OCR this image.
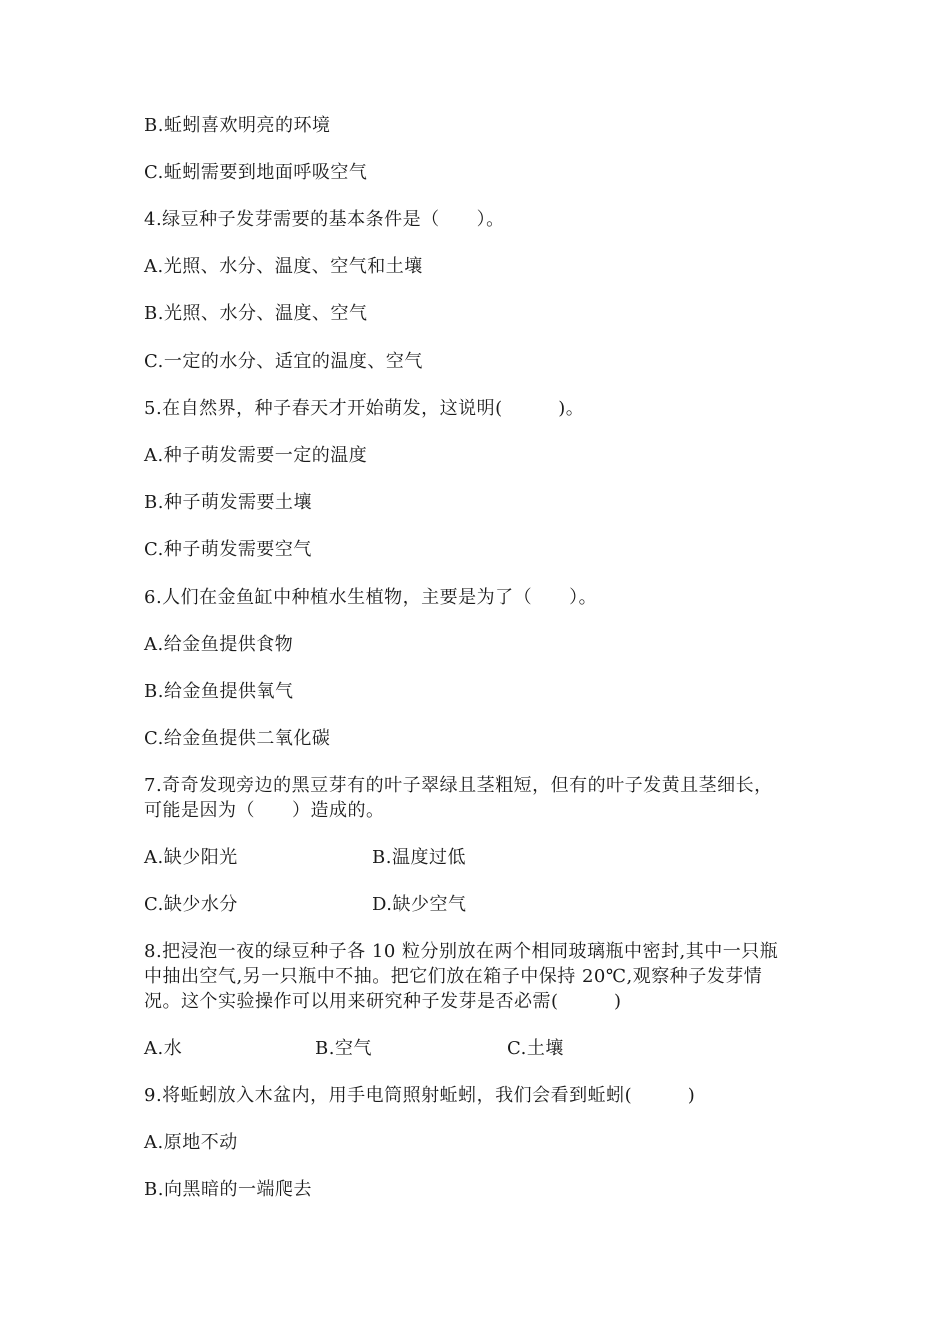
B.蚯蚓喜欢明亮的环境
C.蚯蚓需要到地面呼吸空气
4.绿豆种子发芽需要的基本条件是（　　）。
A.光照、水分、温度、空气和土壤
B.光照、水分、温度、空气
C.一定的水分、适宜的温度、空气
5.在自然界，种子春天才开始萌发，这说明(　　　)。
A.种子萌发需要一定的温度
B.种子萌发需要土壤
C.种子萌发需要空气
6.人们在金鱼缸中种植水生植物，主要是为了（　　）。
A.给金鱼提供食物
B.给金鱼提供氧气
C.给金鱼提供二氧化碳
7.奇奇发现旁边的黑豆芽有的叶子翠绿且茎粗短，但有的叶子发黄且茎细长，
可能是因为（　　）造成的。
A.缺少阳光	B.温度过低
C.缺少水分	D.缺少空气
8.把浸泡一夜的绿豆种子各 10 粒分别放在两个相同玻璃瓶中密封,其中一只瓶
中抽出空气,另一只瓶中不抽。把它们放在箱子中保持 20℃,观察种子发芽情
况。这个实验操作可以用来研究种子发芽是否必需(　　　)
A.水	B.空气	C.土壤
9.将蚯蚓放入木盆内，用手电筒照射蚯蚓，我们会看到蚯蚓(　　　)
A.原地不动
B.向黑暗的一端爬去
